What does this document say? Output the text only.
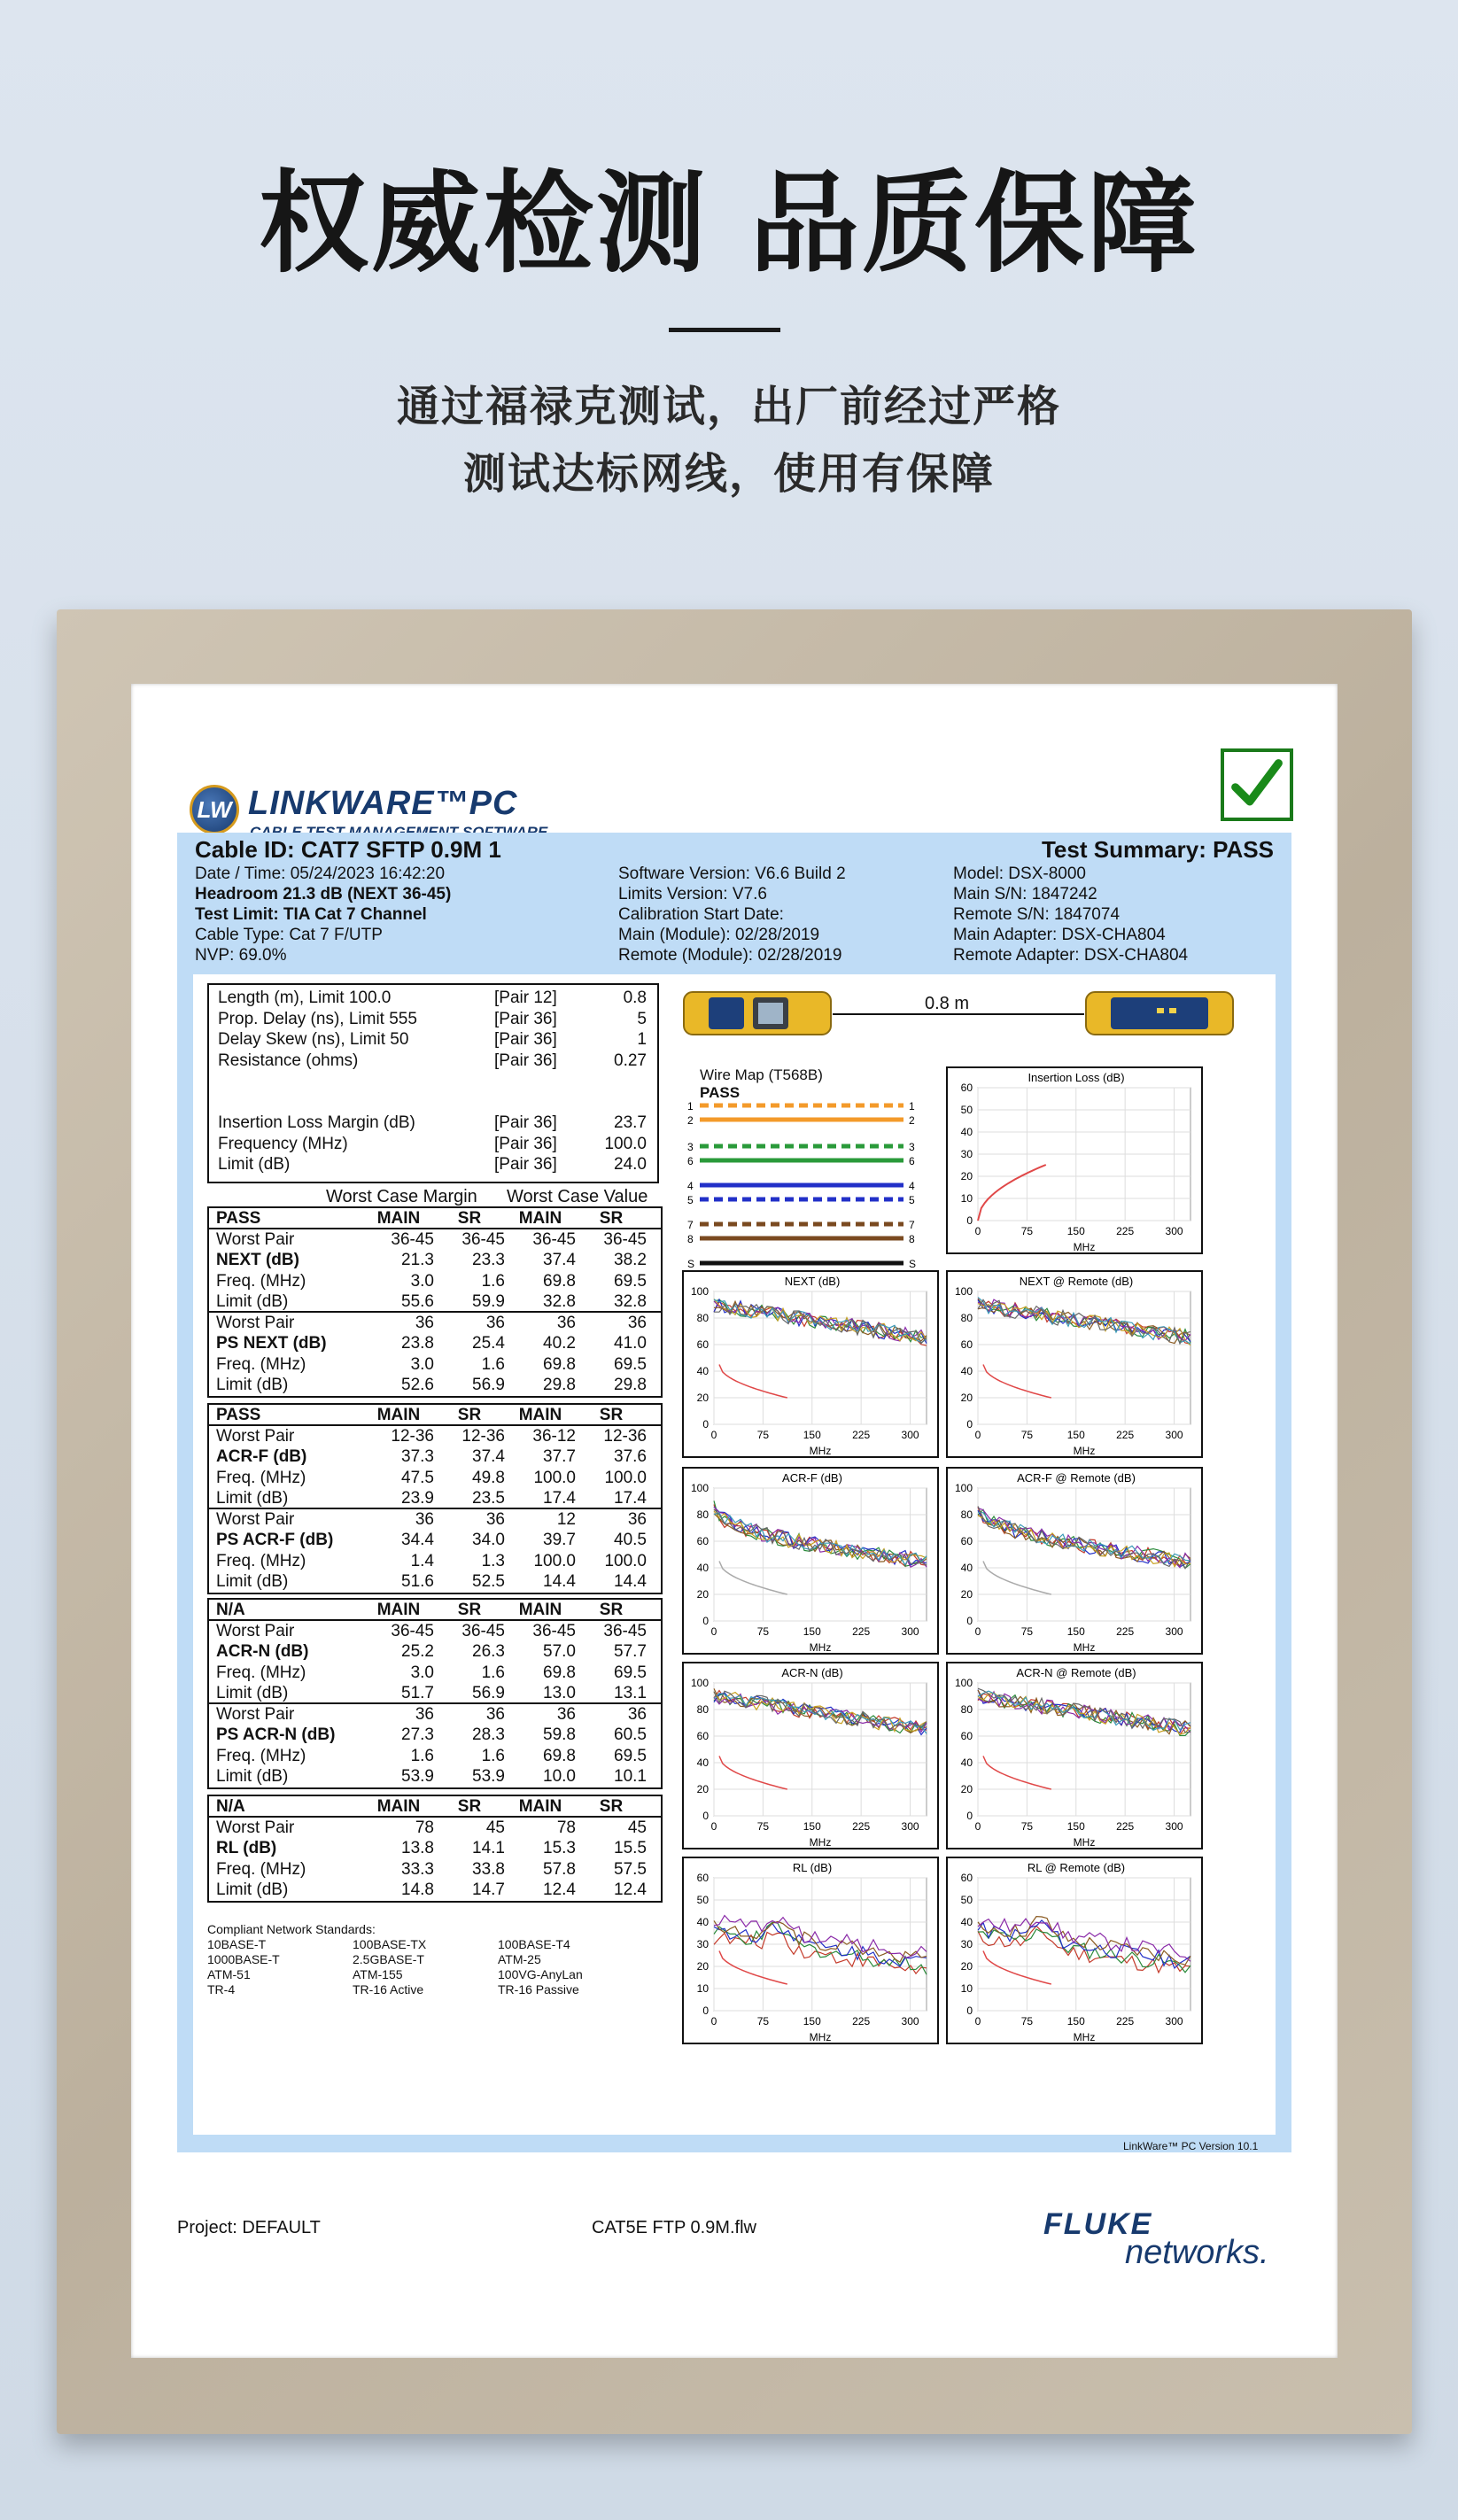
权威检测 品质保障
通过福禄克测试，出厂前经过严格
测试达标网线，使用有保障
LW LINKWARE™PC
Cable ID: CAT7 SFTP 0.9M 1	Test Summary: PASS
Date / Time: 05/24/2023 16:42:20
Headroom 21.3 dB (NEXT 36-45)
Test Limit: TIA Cat 7 Channel
Cable Type: Cat 7 F/UTP
NVP: 69.0%
Software Version: V6.6 Build 2
Limits Version: V7.6
Calibration Start Date:
Main (Module): 02/28/2019
Remote (Module): 02/28/2019
Model: DSX-8000
Main S/N: 1847242
Remote S/N: 1847074
Main Adapter: DSX-CHA804
Remote Adapter: DSX-CHA804
Length (m), Limit 100.0	[Pair 12]	0.8
Prop. Delay (ns), Limit 555	[Pair 36]	5
Delay Skew (ns), Limit 50	[Pair 36]	1
Resistance (ohms)	[Pair 36]	0.27
Insertion Loss Margin (dB)	[Pair 36]	23.7
Frequency (MHz)	[Pair 36]	100.0
Limit (dB)	[Pair 36]	24.0
Worst Case Margin Worst Case Value
PASS	MAIN	SR	MAIN	SR
Worst Pair	36-45	36-45	36-45	36-45
NEXT (dB)	21.3	23.3	37.4	38.2
Freq. (MHz)	3.0	1.6	69.8	69.5
Limit (dB)	55.6	59.9	32.8	32.8
Worst Pair	36	36	36	36
PS NEXT (dB)	23.8	25.4	40.2	41.0
Freq. (MHz)	3.0	1.6	69.8	69.5
Limit (dB)	52.6	56.9	29.8	29.8
PASS	MAIN	SR	MAIN	SR
Worst Pair	12-36	12-36	36-12	12-36
ACR-F (dB)	37.3	37.4	37.7	37.6
Freq. (MHz)	47.5	49.8	100.0	100.0
Limit (dB)	23.9	23.5	17.4	17.4
Worst Pair	36	36	12	36
PS ACR-F (dB)	34.4	34.0	39.7	40.5
Freq. (MHz)	1.4	1.3	100.0	100.0
Limit (dB)	51.6	52.5	14.4	14.4
N/A	MAIN	SR	MAIN	SR
Worst Pair	36-45	36-45	36-45	36-45
ACR-N (dB)	25.2	26.3	57.0	57.7
Freq. (MHz)	3.0	1.6	69.8	69.5
Limit (dB)	51.7	56.9	13.0	13.1
Worst Pair	36	36	36	36
PS ACR-N (dB)	27.3	28.3	59.8	60.5
Freq. (MHz)	1.6	1.6	69.8	69.5
Limit (dB)	53.9	53.9	10.0	10.1
N/A	MAIN	SR	MAIN	SR
Worst Pair	78	45	78	45
RL (dB)	13.8	14.1	15.3	15.5
Freq. (MHz)	33.3	33.8	57.8	57.5
Limit (dB)	14.8	14.7	12.4	12.4
Compliant Network Standards:
10BASE-T	100BASE-TX	100BASE-T4
1000BASE-T	2.5GBASE-T	ATM-25
ATM-51	ATM-155	100VG-AnyLan
TR-4	TR-16 Active	TR-16 Passive
0.8 m
Wire Map (T568B)
PASS
1	1
2	2
3	3
6	6
4	4
5	5
7	7
8	8
S	S
Insertion Loss (dB)
0
10
20
30
40
50
60
0	75	150	225	300
MHz
NEXT (dB)
0
20
40
60
80
100
0	75	150	225	300
MHz
NEXT @ Remote (dB)
0
20
40
60
80
100
0	75	150	225	300
MHz
ACR-F (dB)
0
20
40
60
80
100
0	75	150	225	300
MHz
ACR-F @ Remote (dB)
0
20
40
60
80
100
0	75	150	225	300
MHz
ACR-N (dB)
0
20
40
60
80
100
0	75	150	225	300
MHz
ACR-N @ Remote (dB)
0
20
40
60
80
100
0	75	150	225	300
MHz
RL (dB)
0
10
20
30
40
50
60
0	75	150	225	300
MHz
RL @ Remote (dB)
0
10
20
30
40
50
60
0	75	150	225	300
MHz
LinkWare™ PC Version 10.1
Project: DEFAULT	CAT5E FTP 0.9M.flw	FLUKE
networks.
